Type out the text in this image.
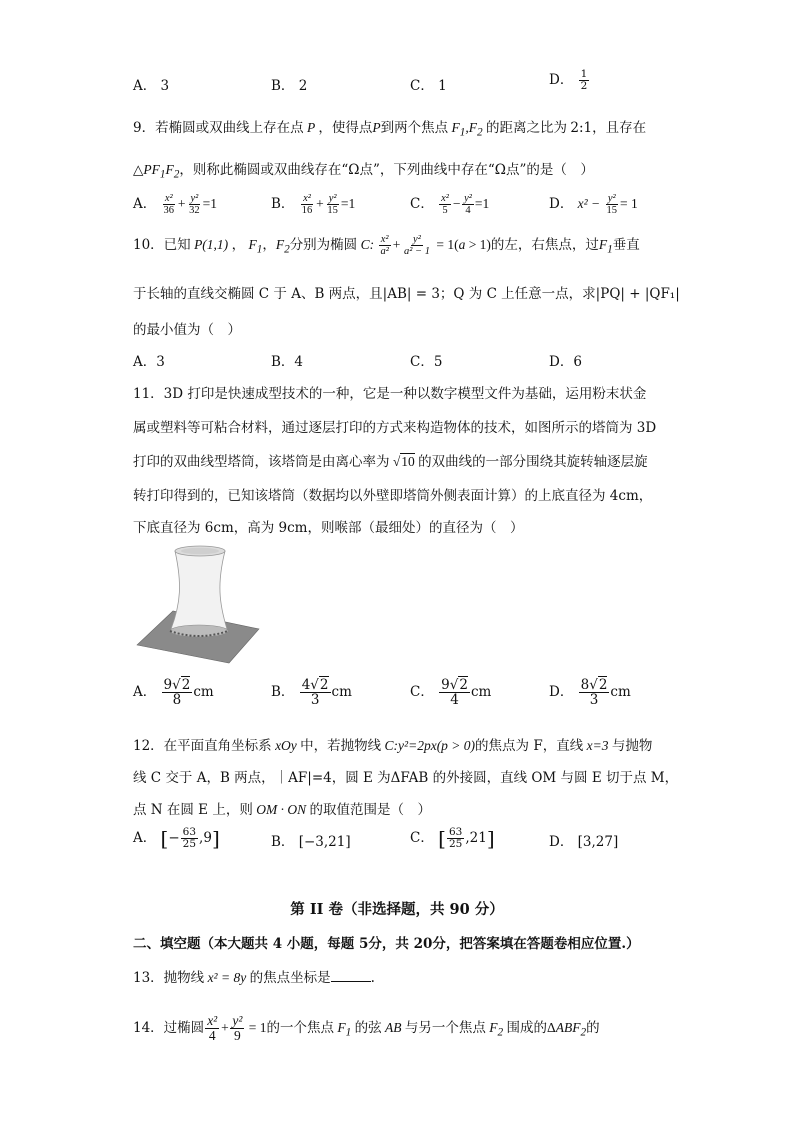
A． 3	B． 2	C． 1	D． $\frac{1}{2}$
9．若椭圆或双曲线上存在点 P ，使得点P到两个焦点 $F_1,F_2$ 的距离之比为 2:1，且存在
$\triangle PF_1F_2$，则称此椭圆或双曲线存在“Ω点”，下列曲线中存在“Ω点”的是（　）
A． $\frac{\text{x²}}{36} + \frac{\text{y²}}{32} =1$	B． $\frac{\text{x²}}{16} + \frac{\text{y²}}{15} =1$	C． $\frac{\text{x²}}{5} - \frac{\text{y²}}{4} =1$	D． $x^2 - \frac{\text{y²}}{15} = 1$
10．已知 P(1,1) ， $F_1$，$F_2$分别为椭圆 C: $\frac{\text{x²}}{\text{a²}} + \frac{\text{y²}}{\text{a² − 1}} = 1(a > 1)$的左，右焦点，过$F_1$垂直
于长轴的直线交椭圆 C 于 A、B 两点，且|AB| = 3；Q 为 C 上任意一点，求|PQ| + |QF₁|
的最小值为（　）
A．3	B．4	C．5	D．6
11．3D 打印是快速成型技术的一种，它是一种以数字模型文件为基础，运用粉末状金
属或塑料等可粘合材料，通过逐层打印的方式来构造物体的技术，如图所示的塔筒为 3D
打印的双曲线型塔筒，该塔筒是由离心率为 √10 的双曲线的一部分围绕其旋转轴逐层旋
转打印得到的，已知该塔筒（数据均以外壁即塔筒外侧表面计算）的上底直径为 4cm，
下底直径为 6cm，高为 9cm，则喉部（最细处）的直径为（　）
A． $\frac{9√2}{8}$ cm	B． $\frac{4√2}{3}$ cm	C． $\frac{9√2}{4}$ cm	D． $\frac{8√2}{3}$ cm
12．在平面直角坐标系 xOy 中，若抛物线 C:y²=2px(p > 0)的焦点为 F，直线 x=3 与抛物
线 C 交于 A，B 两点，｜AF|=4，圆 E 为ΔFAB 的外接圆，直线 OM 与圆 E 切于点 M，
点 N 在圆 E 上，则 OM · ON 的取值范围是（　）
A． [− $\frac{63}{25} ,9$]	B． [−3,21]	C． [ $\frac{63}{25} ,21$]	D． [3,27]
第 II 卷（非选择题，共 90 分）
二、填空题（本大题共 4 小题，每题 5分，共 20分，把答案填在答题卷相应位置.）
13．抛物线 x² = 8y 的焦点坐标是	.
14．过椭圆 $\frac{\text{x²}}{4} + \frac{\text{y²}}{9} = 1$的一个焦点 $F_1$ 的弦 AB 与另一个焦点 $F_2$ 围成的$\Delta ABF_2$的
